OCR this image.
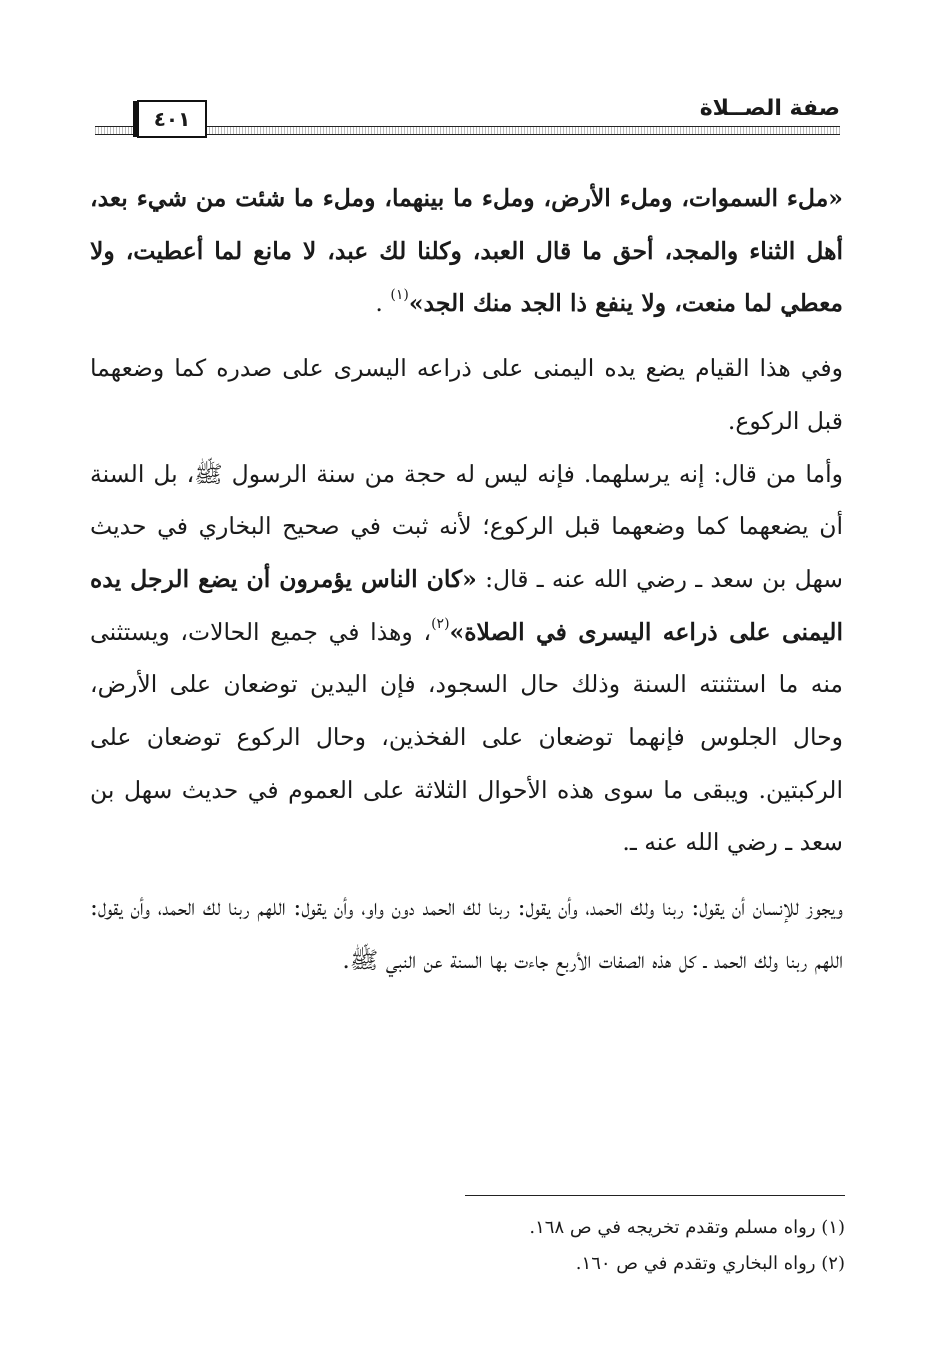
٤٠١	صفة الصــلاة

«ملء السموات، وملء الأرض، وملء ما بينهما، وملء ما شئت من شيء بعد، أهل الثناء والمجد، أحق ما قال العبد، وكلنا لك عبد، لا مانع لما أعطيت، ولا معطي لما منعت، ولا ينفع ذا الجد منك الجد»$^{(١)}$ .

وفي هذا القيام يضع يده اليمنى على ذراعه اليسرى على صدره كما وضعهما قبل الركوع.

وأما من قال: إنه يرسلهما. فإنه ليس له حجة من سنة الرسول ﷺ، بل السنة أن يضعهما كما وضعهما قبل الركوع؛ لأنه ثبت في صحيح البخاري في حديث سهل بن سعد ـ رضي الله عنه ـ قال: «كان الناس يؤمرون أن يضع الرجل يده اليمنى على ذراعه اليسرى في الصلاة»$^{(٢)}$، وهذا في جميع الحالات، ويستثنى منه ما استثنته السنة وذلك حال السجود، فإن اليدين توضعان على الأرض، وحال الجلوس فإنهما توضعان على الفخذين، وحال الركوع توضعان على الركبتين. ويبقى ما سوى هذه الأحوال الثلاثة على العموم في حديث سهل بن سعد ـ رضي الله عنه ـ.

ويجوز للإنسان أن يقول: ربنا ولك الحمد، وأن يقول: ربنا لك الحمد دون واو، وأن يقول: اللهم ربنا لك الحمد، وأن يقول: اللهم ربنا ولك الحمد ـ كل هذه الصفات الأربع جاءت بها السنة عن النبي ﷺ.

(١) رواه مسلم وتقدم تخريجه في ص ١٦٨.
(٢) رواه البخاري وتقدم في ص ١٦٠.
